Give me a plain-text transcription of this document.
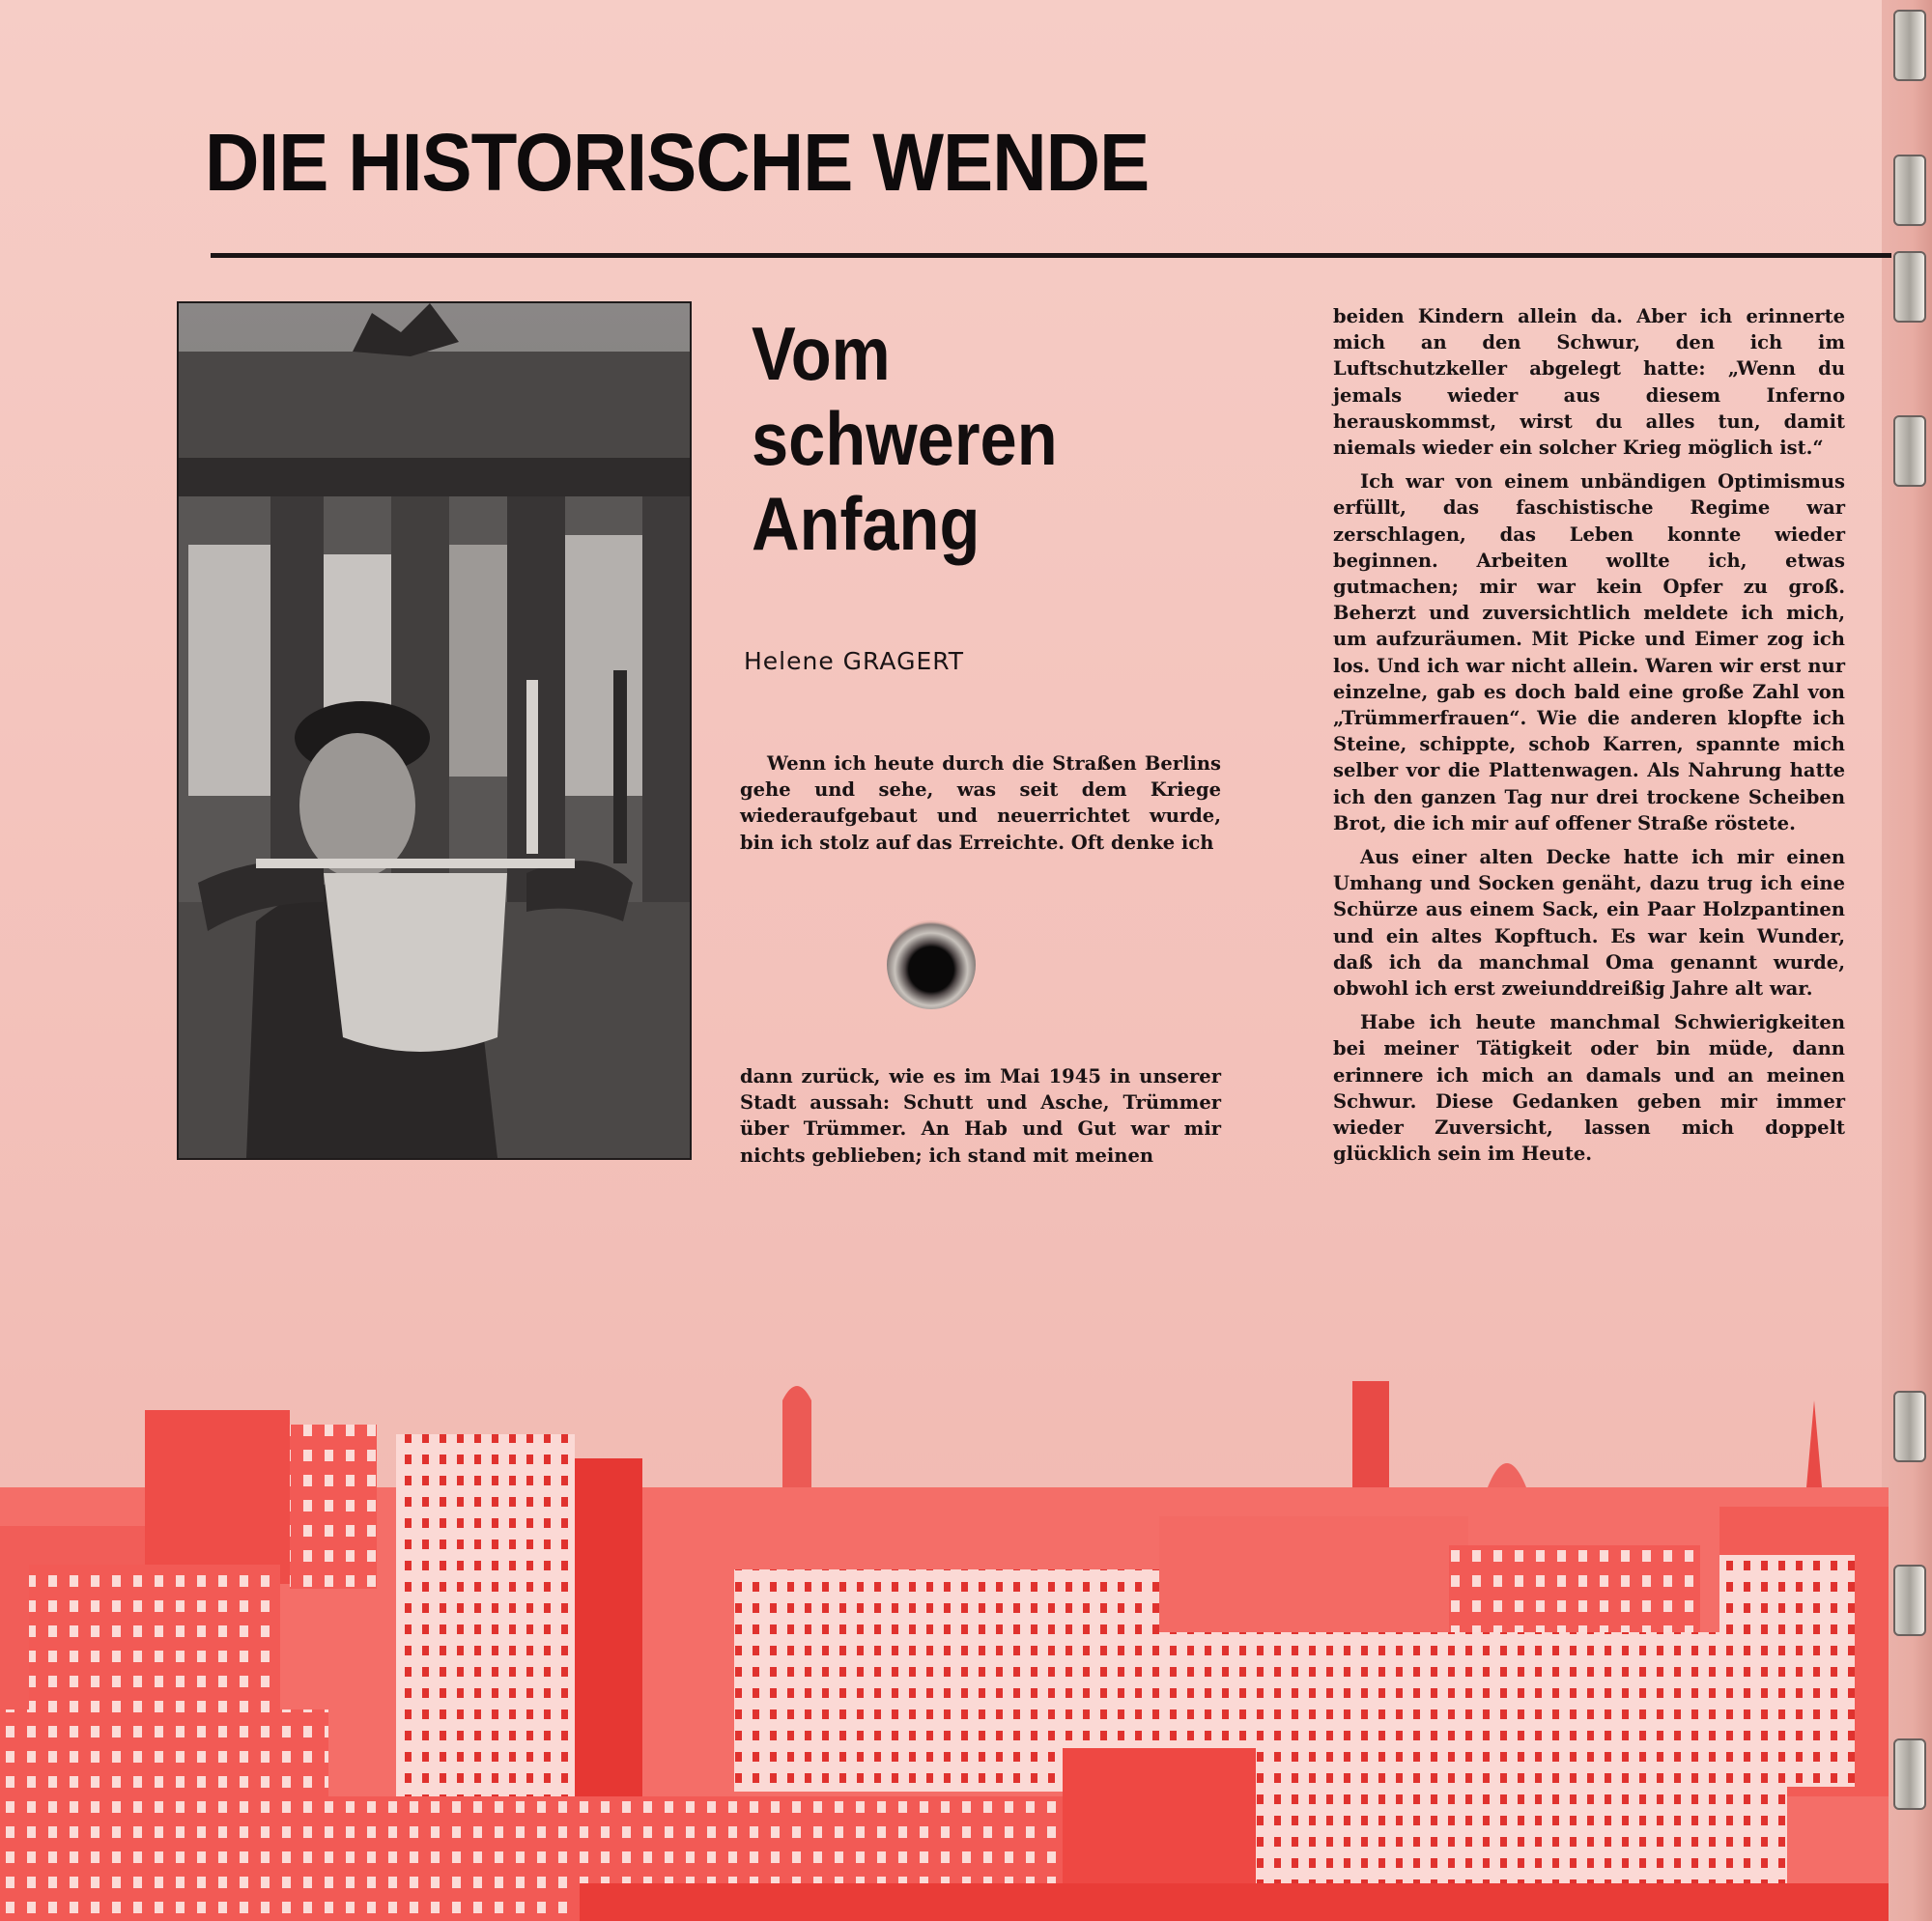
DIE HISTORISCHE WENDE
Vom
schweren
Anfang
Helene GRAGERT

Wenn ich heute durch die Straßen Berlins gehe und sehe, was seit dem Kriege wiederaufgebaut und neuerrichtet wurde, bin ich stolz auf das Erreichte. Oft denke ich

dann zurück, wie es im Mai 1945 in unserer Stadt aussah: Schutt und Asche, Trümmer über Trümmer. An Hab und Gut war mir nichts geblieben; ich stand mit meinen

beiden Kindern allein da. Aber ich erinnerte mich an den Schwur, den ich im Luftschutzkeller abgelegt hatte: „Wenn du jemals wieder aus diesem Inferno herauskommst, wirst du alles tun, damit niemals wieder ein solcher Krieg möglich ist.“

Ich war von einem unbändigen Optimismus erfüllt, das faschistische Regime war zerschlagen, das Leben konnte wieder beginnen. Arbeiten wollte ich, etwas gutmachen; mir war kein Opfer zu groß. Beherzt und zuversichtlich meldete ich mich, um aufzuräumen. Mit Picke und Eimer zog ich los. Und ich war nicht allein. Waren wir erst nur einzelne, gab es doch bald eine große Zahl von „Trümmerfrauen“. Wie die anderen klopfte ich Steine, schippte, schob Karren, spannte mich selber vor die Plattenwagen. Als Nahrung hatte ich den ganzen Tag nur drei trockene Scheiben Brot, die ich mir auf offener Straße röstete.

Aus einer alten Decke hatte ich mir einen Umhang und Socken genäht, dazu trug ich eine Schürze aus einem Sack, ein Paar Holzpantinen und ein altes Kopftuch. Es war kein Wunder, daß ich da manchmal Oma genannt wurde, obwohl ich erst zweiunddreißig Jahre alt war.

Habe ich heute manchmal Schwierigkeiten bei meiner Tätigkeit oder bin müde, dann erinnere ich mich an damals und an meinen Schwur. Diese Gedanken geben mir immer wieder Zuversicht, lassen mich doppelt glücklich sein im Heute.
